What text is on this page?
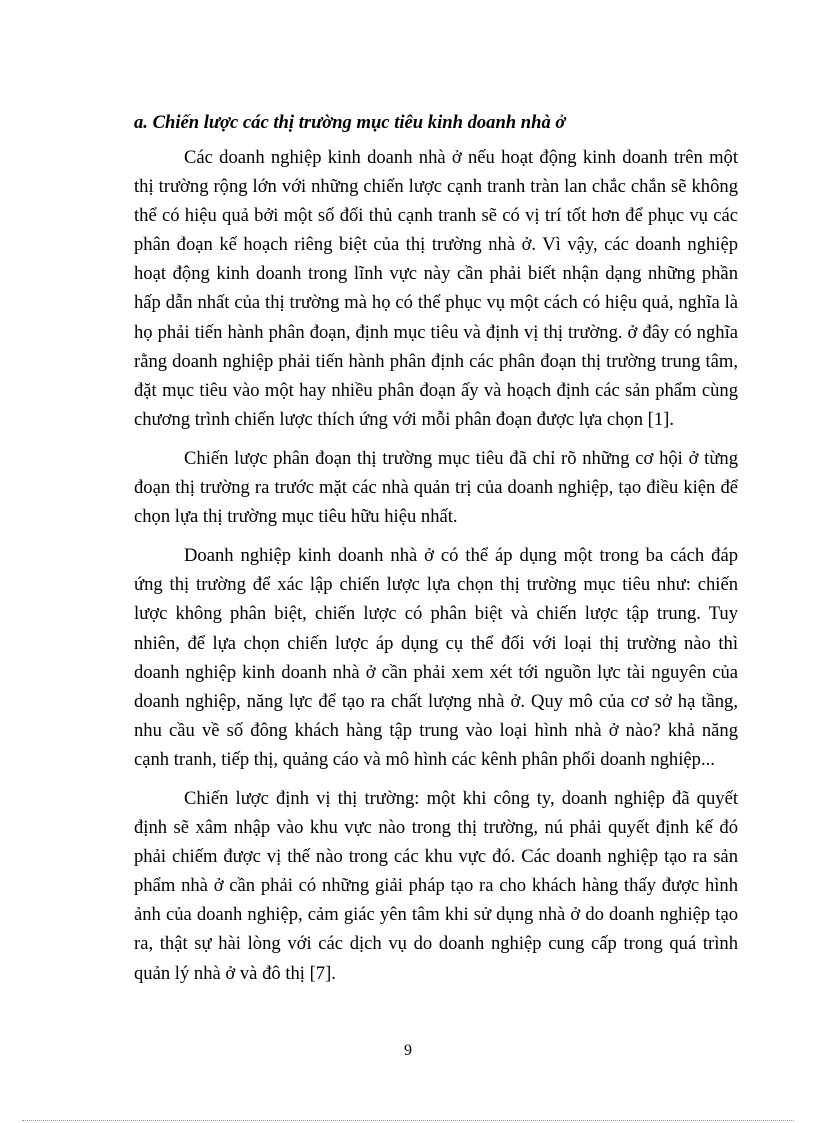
a. Chiến lược các thị trường mục tiêu kinh doanh nhà ở

Các doanh nghiệp kinh doanh nhà ở nếu hoạt động kinh doanh trên một thị trường rộng lớn với những chiến lược cạnh tranh tràn lan chắc chắn sẽ không thể có hiệu quả bởi một số đối thủ cạnh tranh sẽ có vị trí tốt hơn để phục vụ các phân đoạn kế hoạch riêng biệt của thị trường nhà ở. Vì vậy, các doanh nghiệp hoạt động kinh doanh trong lĩnh vực này cần phải biết nhận dạng những phần hấp dẫn nhất của thị trường mà họ có thể phục vụ một cách có hiệu quả, nghĩa là họ phải tiến hành phân đoạn, định mục tiêu và định vị thị trường. ở đây có nghĩa rằng doanh nghiệp phải tiến hành phân định các phân đoạn thị trường trung tâm, đặt mục tiêu vào một hay nhiều phân đoạn ấy và hoạch định các sản phẩm cùng chương trình chiến lược thích ứng với mỗi phân đoạn được lựa chọn [1].

Chiến lược phân đoạn thị trường mục tiêu đã chỉ rõ những cơ hội ở từng đoạn thị trường ra trước mặt các nhà quản trị của doanh nghiệp, tạo điều kiện để chọn lựa thị trường mục tiêu hữu hiệu nhất.

Doanh nghiệp kinh doanh nhà ở có thể áp dụng một trong ba cách đáp ứng thị trường để xác lập chiến lược lựa chọn thị trường mục tiêu như: chiến lược không phân biệt, chiến lược có phân biệt và chiến lược tập trung. Tuy nhiên, để lựa chọn chiến lược áp dụng cụ thể đối với loại thị trường nào thì doanh nghiệp kinh doanh nhà ở cần phải xem xét tới nguồn lực tài nguyên của doanh nghiệp, năng lực để tạo ra chất lượng nhà ở. Quy mô của cơ sở hạ tầng, nhu cầu về số đông khách hàng tập trung vào loại hình nhà ở nào? khả năng cạnh tranh, tiếp thị, quảng cáo và mô hình các kênh phân phối doanh nghiệp...

Chiến lược định vị thị trường: một khi công ty, doanh nghiệp đã quyết định sẽ xâm nhập vào khu vực nào trong thị trường, nú phải quyết định kế đó phải chiếm được vị thế nào trong các khu vực đó. Các doanh nghiệp tạo ra sản phẩm nhà ở cần phải có những giải pháp tạo ra cho khách hàng thấy được hình ảnh của doanh nghiệp, cảm giác yên tâm khi sử dụng nhà ở do doanh nghiệp tạo ra, thật sự hài lòng với các dịch vụ do doanh nghiệp cung cấp trong quá trình quản lý nhà ở và đô thị [7].

9
